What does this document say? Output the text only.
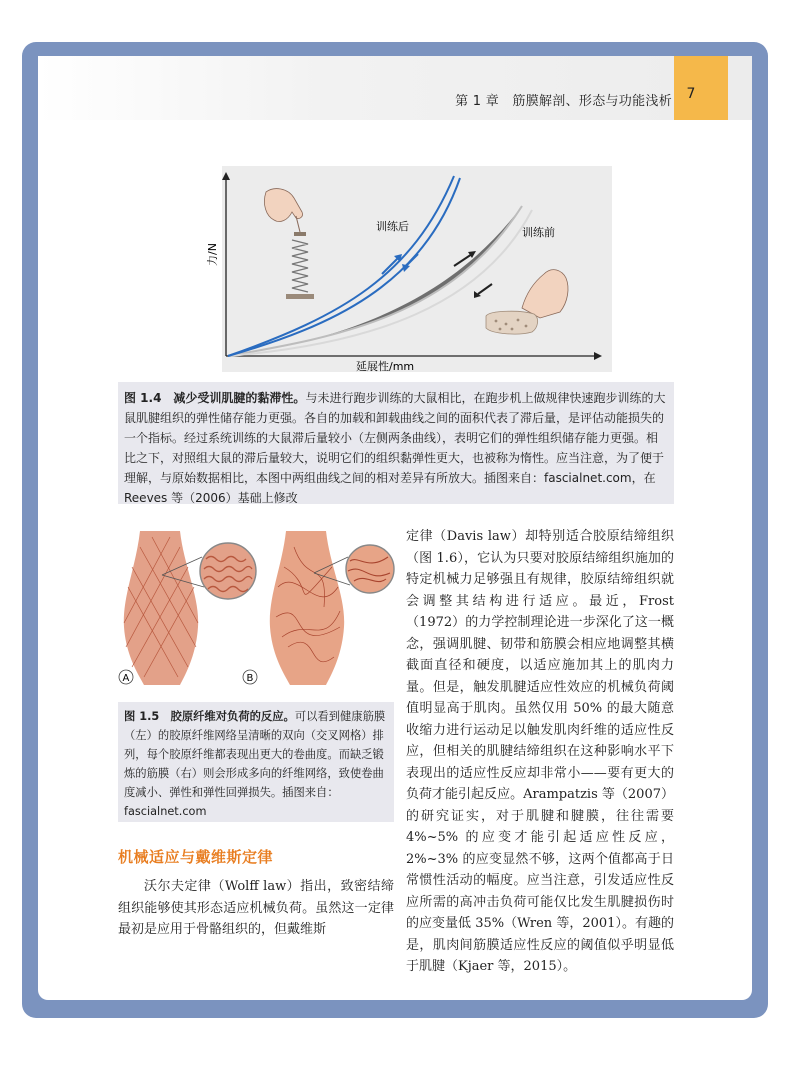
第 1 章　筋膜解剖、形态与功能浅析	7
力/N
延展性/mm
训练后	训练前
图 1.4　减少受训肌腱的黏滞性。与未进行跑步训练的大鼠相比，在跑步机上做规律快速跑步训练的大鼠肌腱组织的弹性储存能力更强。各自的加载和卸载曲线之间的面积代表了滞后量，是评估动能损失的一个指标。经过系统训练的大鼠滞后量较小（左侧两条曲线），表明它们的弹性组织储存能力更强。相比之下，对照组大鼠的滞后量较大，说明它们的组织黏弹性更大，也被称为惰性。应当注意，为了便于理解，与原始数据相比，本图中两组曲线之间的相对差异有所放大。插图来自：fascialnet.com，在 Reeves 等（2006）基础上修改
A	B
图 1.5　胶原纤维对负荷的反应。可以看到健康筋膜（左）的胶原纤维网络呈清晰的双向（交叉网格）排列，每个胶原纤维都表现出更大的卷曲度。而缺乏锻炼的筋膜（右）则会形成多向的纤维网络，致使卷曲度减小、弹性和弹性回弹损失。插图来自：fascialnet.com
机械适应与戴维斯定律

沃尔夫定律（Wolff law）指出，致密结缔组织能够使其形态适应机械负荷。虽然这一定律最初是应用于骨骼组织的，但戴维斯

定律（Davis law）却特别适合胶原结缔组织（图 1.6），它认为只要对胶原结缔组织施加的特定机械力足够强且有规律，胶原结缔组织就会调整其结构进行适应。最近，Frost（1972）的力学控制理论进一步深化了这一概念，强调肌腱、韧带和筋膜会相应地调整其横截面直径和硬度，以适应施加其上的肌肉力量。但是，触发肌腱适应性效应的机械负荷阈值明显高于肌肉。虽然仅用 50% 的最大随意收缩力进行运动足以触发肌肉纤维的适应性反应，但相关的肌腱结缔组织在这种影响水平下表现出的适应性反应却非常小——要有更大的负荷才能引起反应。Arampatzis 等（2007）的研究证实，对于肌腱和腱膜，往往需要 4%~5% 的应变才能引起适应性反应，2%~3% 的应变显然不够，这两个值都高于日常惯性活动的幅度。应当注意，引发适应性反应所需的高冲击负荷可能仅比发生肌腱损伤时的应变量低 35%（Wren 等，2001）。有趣的是，肌肉间筋膜适应性反应的阈值似乎明显低于肌腱（Kjaer 等，2015）。
